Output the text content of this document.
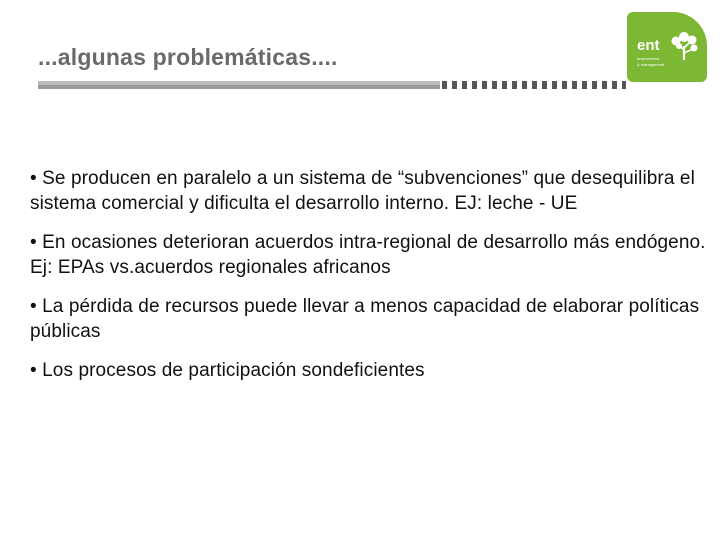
...algunas problemáticas....	ent
environment
& management
• Se producen en paralelo a un sistema de “subvenciones” que desequilibra el sistema comercial y dificulta el desarrollo interno. EJ: leche - UE
• En ocasiones deterioran acuerdos intra-regional de desarrollo más endógeno. Ej: EPAs vs.acuerdos regionales africanos
• La pérdida de recursos puede llevar a menos capacidad de elaborar políticas públicas
• Los procesos de participación sondeficientes
